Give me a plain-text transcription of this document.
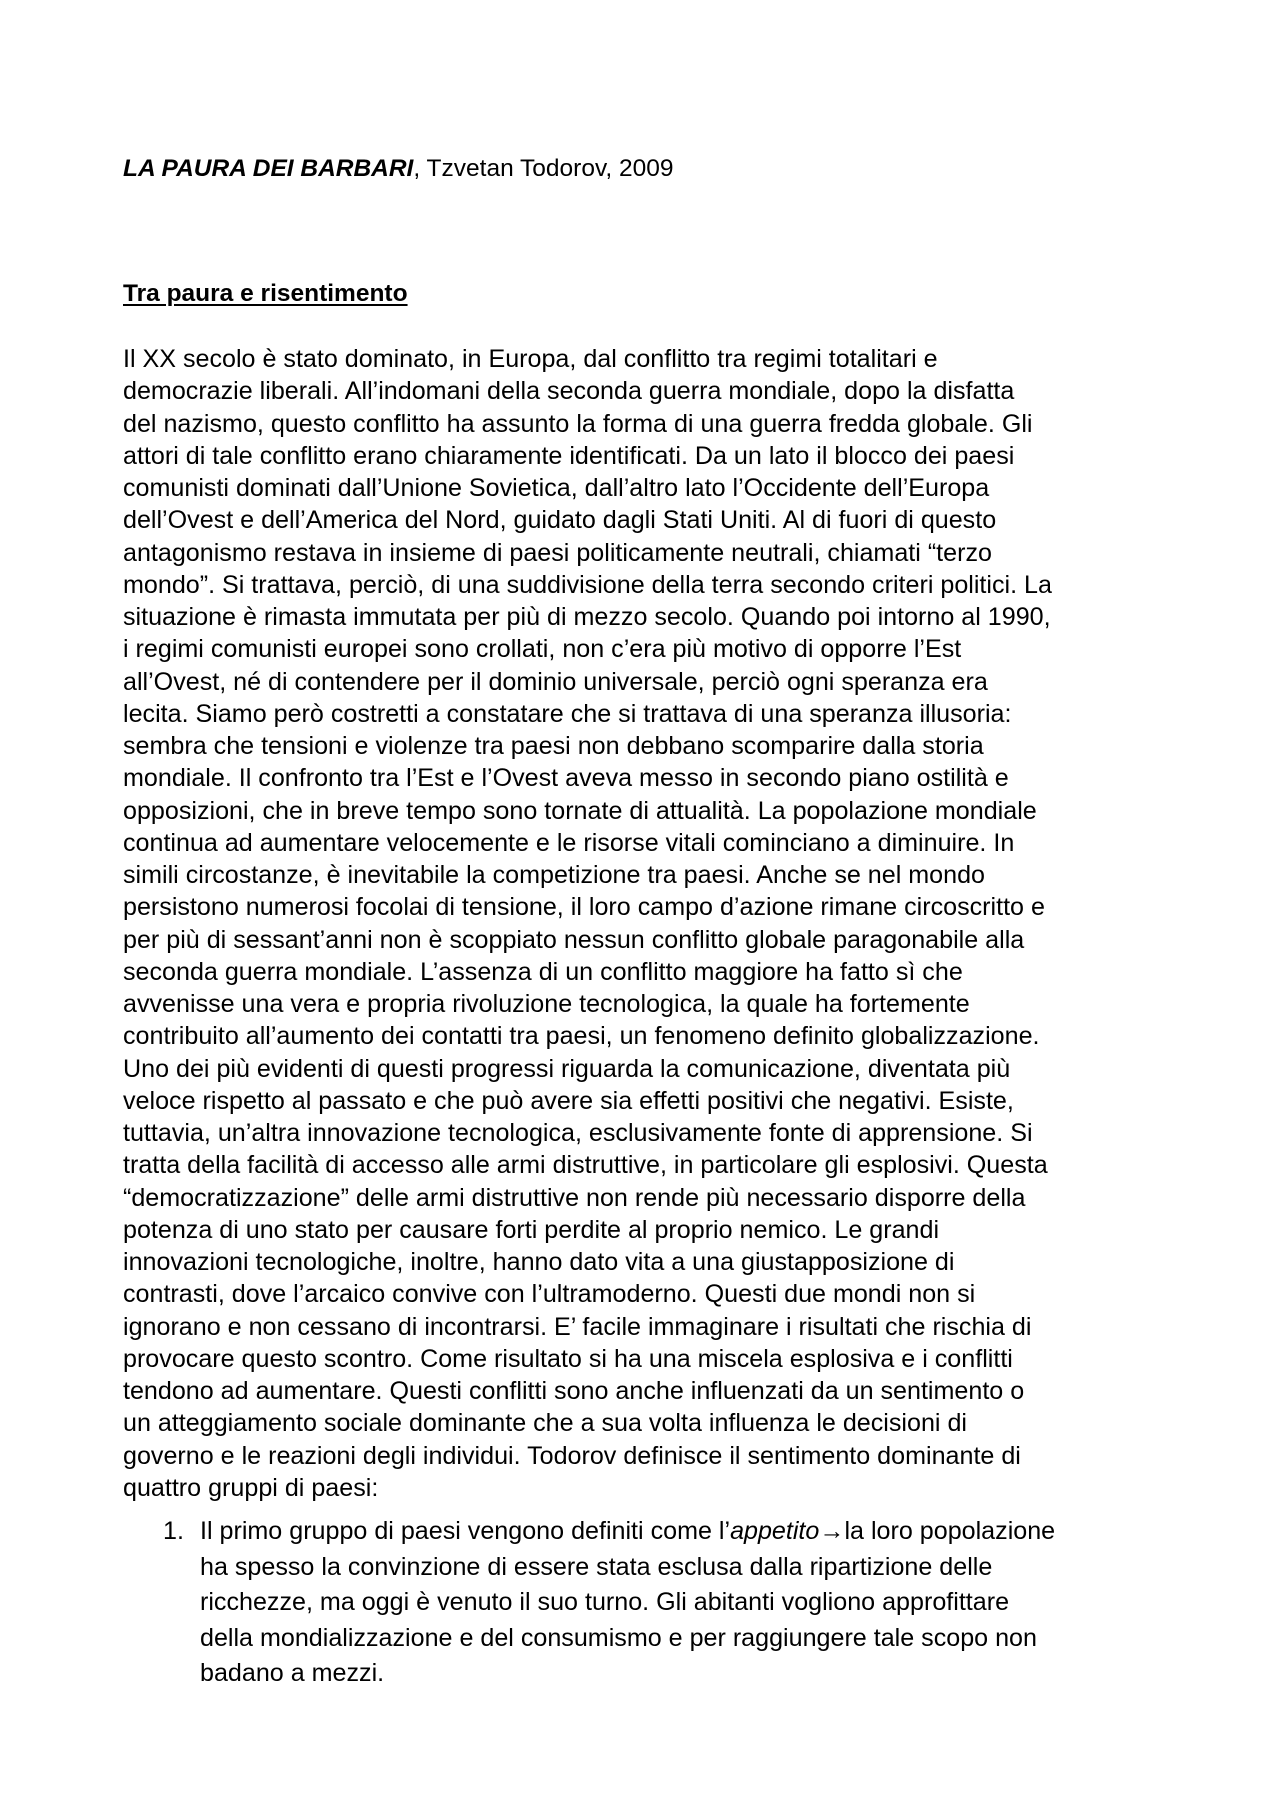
LA PAURA DEI BARBARI, Tzvetan Todorov, 2009
Tra paura e risentimento
Il XX secolo è stato dominato, in Europa, dal conflitto tra regimi totalitari e
democrazie liberali. All’indomani della seconda guerra mondiale, dopo la disfatta
del nazismo, questo conflitto ha assunto la forma di una guerra fredda globale. Gli
attori di tale conflitto erano chiaramente identificati. Da un lato il blocco dei paesi
comunisti dominati dall’Unione Sovietica, dall’altro lato l’Occidente dell’Europa
dell’Ovest e dell’America del Nord, guidato dagli Stati Uniti. Al di fuori di questo
antagonismo restava in insieme di paesi politicamente neutrali, chiamati “terzo
mondo”. Si trattava, perciò, di una suddivisione della terra secondo criteri politici. La
situazione è rimasta immutata per più di mezzo secolo. Quando poi intorno al 1990,
i regimi comunisti europei sono crollati, non c’era più motivo di opporre l’Est
all’Ovest, né di contendere per il dominio universale, perciò ogni speranza era
lecita. Siamo però costretti a constatare che si trattava di una speranza illusoria:
sembra che tensioni e violenze tra paesi non debbano scomparire dalla storia
mondiale. Il confronto tra l’Est e l’Ovest aveva messo in secondo piano ostilità e
opposizioni, che in breve tempo sono tornate di attualità. La popolazione mondiale
continua ad aumentare velocemente e le risorse vitali cominciano a diminuire. In
simili circostanze, è inevitabile la competizione tra paesi. Anche se nel mondo
persistono numerosi focolai di tensione, il loro campo d’azione rimane circoscritto e
per più di sessant’anni non è scoppiato nessun conflitto globale paragonabile alla
seconda guerra mondiale. L’assenza di un conflitto maggiore ha fatto sì che
avvenisse una vera e propria rivoluzione tecnologica, la quale ha fortemente
contribuito all’aumento dei contatti tra paesi, un fenomeno definito globalizzazione.
Uno dei più evidenti di questi progressi riguarda la comunicazione, diventata più
veloce rispetto al passato e che può avere sia effetti positivi che negativi. Esiste,
tuttavia, un’altra innovazione tecnologica, esclusivamente fonte di apprensione. Si
tratta della facilità di accesso alle armi distruttive, in particolare gli esplosivi. Questa
“democratizzazione” delle armi distruttive non rende più necessario disporre della
potenza di uno stato per causare forti perdite al proprio nemico. Le grandi
innovazioni tecnologiche, inoltre, hanno dato vita a una giustapposizione di
contrasti, dove l’arcaico convive con l’ultramoderno. Questi due mondi non si
ignorano e non cessano di incontrarsi. E’ facile immaginare i risultati che rischia di
provocare questo scontro. Come risultato si ha una miscela esplosiva e i conflitti
tendono ad aumentare. Questi conflitti sono anche influenzati da un sentimento o
un atteggiamento sociale dominante che a sua volta influenza le decisioni di
governo e le reazioni degli individui. Todorov definisce il sentimento dominante di
quattro gruppi di paesi:
1. Il primo gruppo di paesi vengono definiti come l’appetito→la loro popolazione
ha spesso la convinzione di essere stata esclusa dalla ripartizione delle
ricchezze, ma oggi è venuto il suo turno. Gli abitanti vogliono approfittare
della mondializzazione e del consumismo e per raggiungere tale scopo non
badano a mezzi.
